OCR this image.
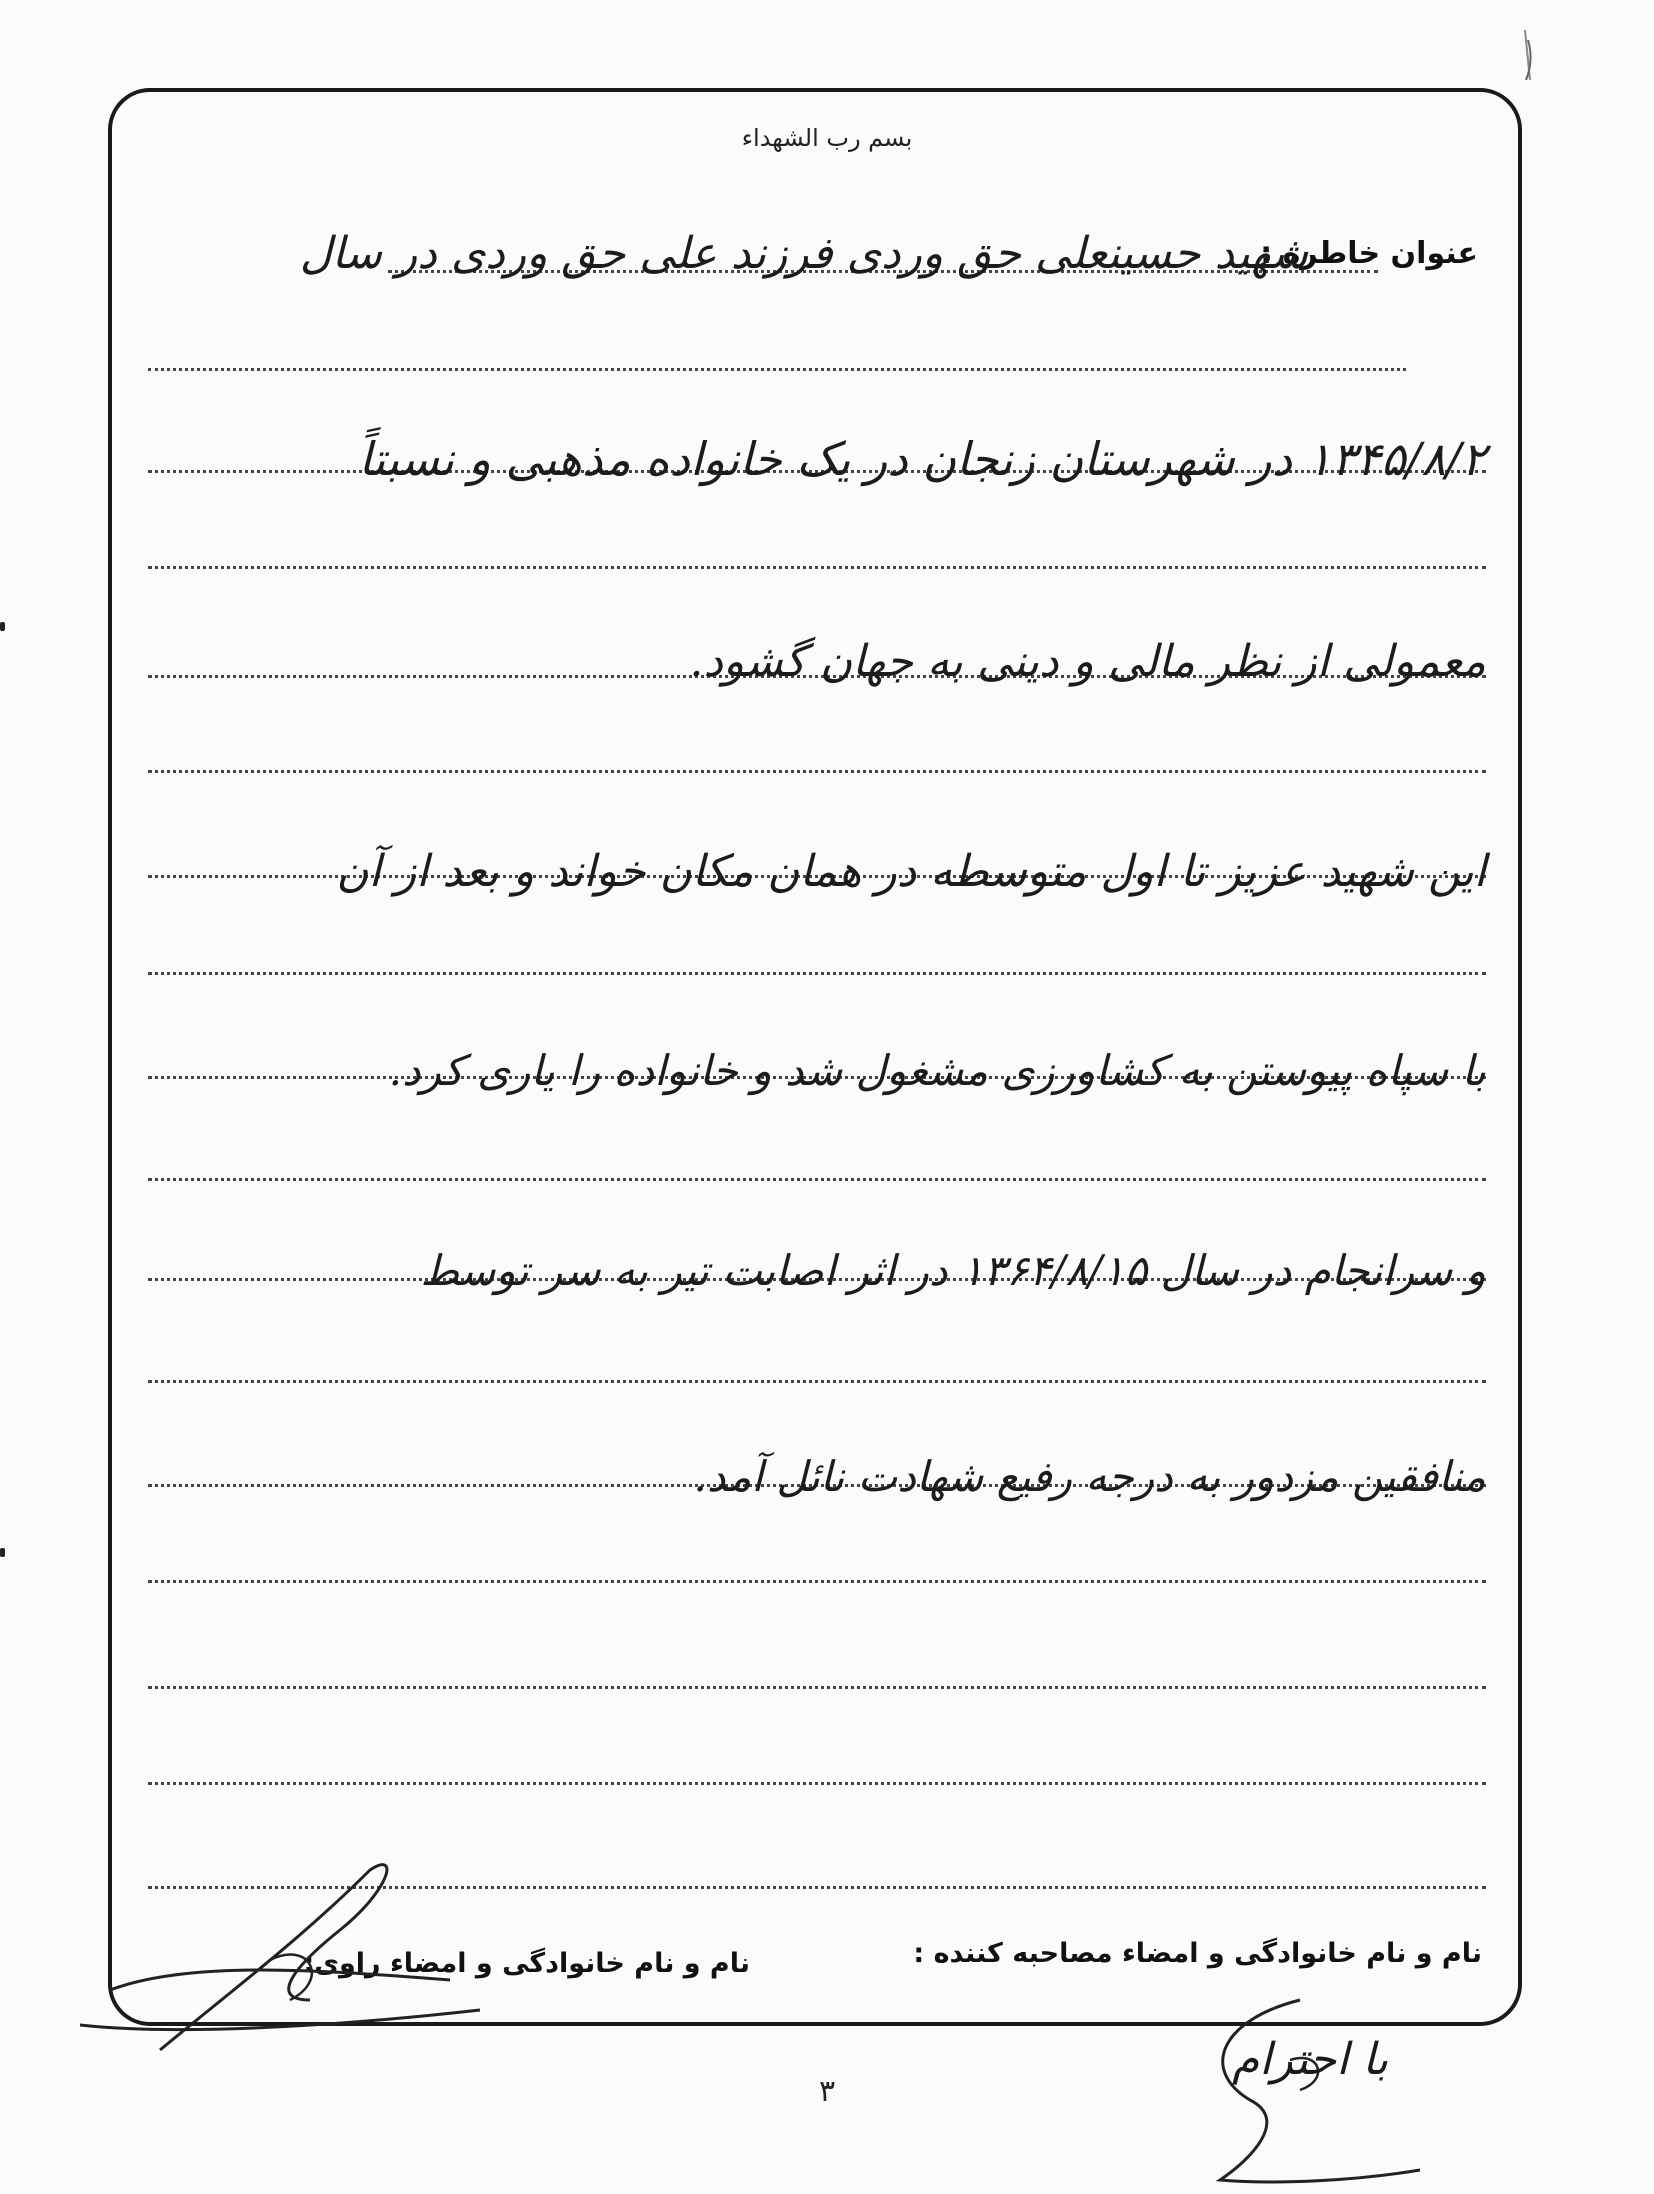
بسم رب الشهداء
عنوان خاطره :
شهید حسینعلی حق وردی فرزند علی حق وردی در سال
۱۳۴۵/۸/۲ در شهرستان زنجان در یک خانواده مذهبی و نسبتاً
معمولی از نظر مالی و دینی به جهان گشود.
این شهید عزیز تا اول متوسطه در همان مکان خواند و بعد از آن
با سپاه پیوستن به کشاورزی مشغول شد و خانواده را یاری کرد.
و سرانجام در سال ۱۳۶۴/۸/۱۵ در اثر اصابت تیر به سر توسط
منافقین مزدور به درجه رفیع شهادت نائل آمد.
نام و نام خانوادگی و امضاء مصاحبه کننده :
نام و نام خانوادگی و امضاء راوی:
با احترام
۳
